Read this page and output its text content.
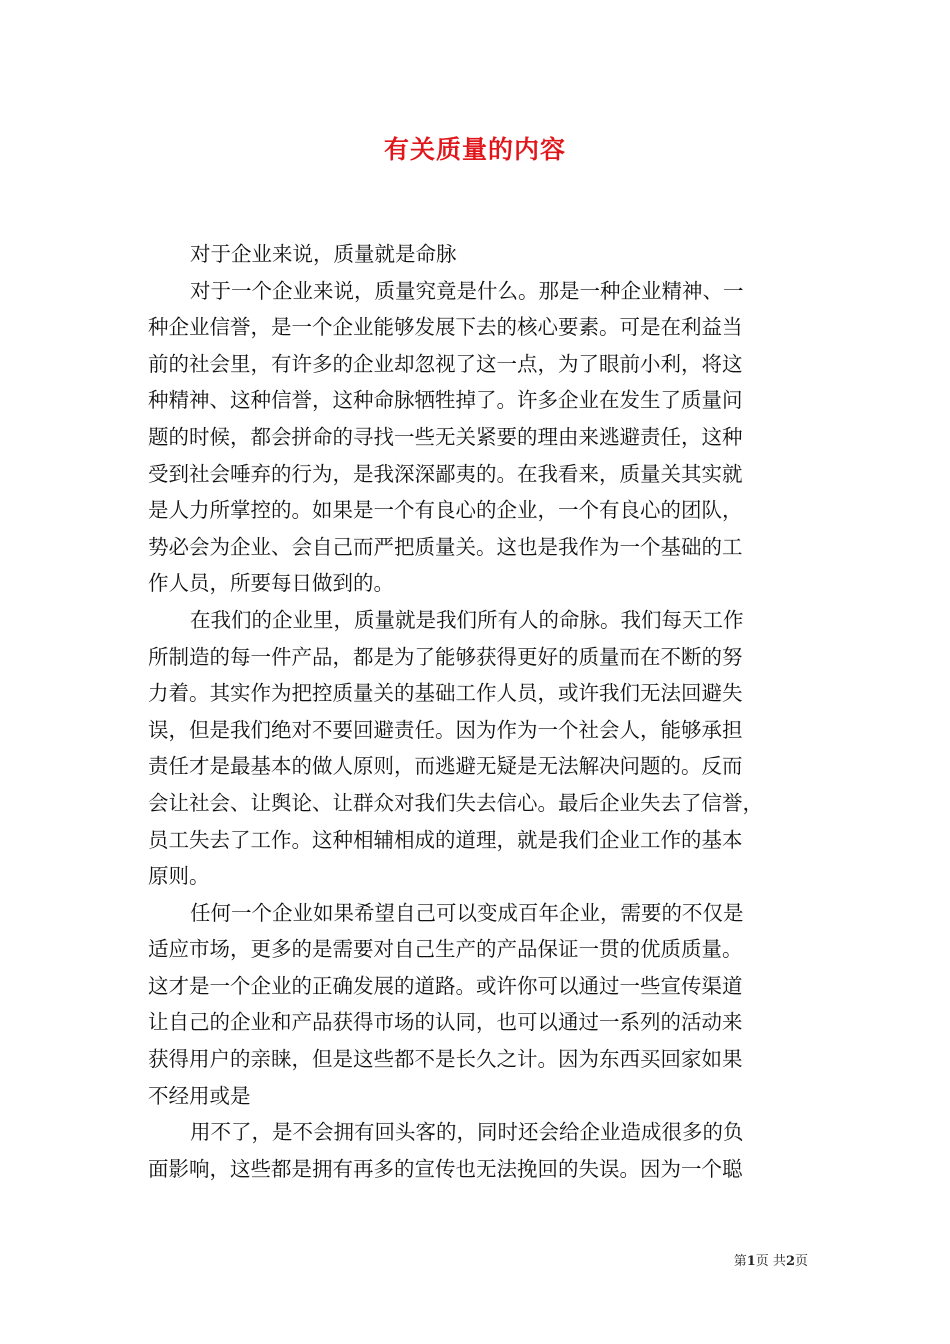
有关质量的内容
对于企业来说，质量就是命脉
对于一个企业来说，质量究竟是什么。那是一种企业精神、一
种企业信誉，是一个企业能够发展下去的核心要素。可是在利益当
前的社会里，有许多的企业却忽视了这一点，为了眼前小利，将这
种精神、这种信誉，这种命脉牺牲掉了。许多企业在发生了质量问
题的时候，都会拼命的寻找一些无关紧要的理由来逃避责任，这种
受到社会唾弃的行为，是我深深鄙夷的。在我看来，质量关其实就
是人力所掌控的。如果是一个有良心的企业，一个有良心的团队，
势必会为企业、会自己而严把质量关。这也是我作为一个基础的工
作人员，所要每日做到的。
在我们的企业里，质量就是我们所有人的命脉。我们每天工作
所制造的每一件产品，都是为了能够获得更好的质量而在不断的努
力着。其实作为把控质量关的基础工作人员，或许我们无法回避失
误，但是我们绝对不要回避责任。因为作为一个社会人，能够承担
责任才是最基本的做人原则，而逃避无疑是无法解决问题的。反而
会让社会、让舆论、让群众对我们失去信心。最后企业失去了信誉，
员工失去了工作。这种相辅相成的道理，就是我们企业工作的基本
原则。
任何一个企业如果希望自己可以变成百年企业，需要的不仅是
适应市场，更多的是需要对自己生产的产品保证一贯的优质质量。
这才是一个企业的正确发展的道路。或许你可以通过一些宣传渠道
让自己的企业和产品获得市场的认同，也可以通过一系列的活动来
获得用户的亲睐，但是这些都不是长久之计。因为东西买回家如果
不经用或是
用不了，是不会拥有回头客的，同时还会给企业造成很多的负
面影响，这些都是拥有再多的宣传也无法挽回的失误。因为一个聪
第1页 共2页
